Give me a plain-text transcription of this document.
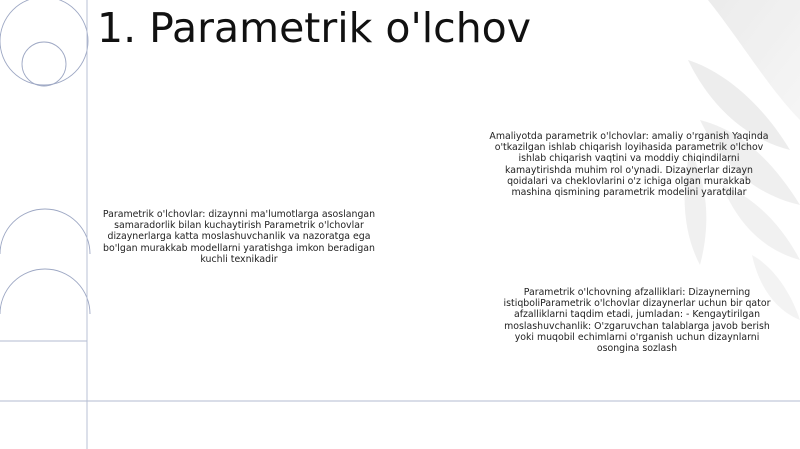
1. Parametrik o'lchov

Amaliyotda parametrik o'lchovlar: amaliy o'rganish Yaqinda o'tkazilgan ishlab chiqarish loyihasida parametrik o'lchov ishlab chiqarish vaqtini va moddiy chiqindilarni kamaytirishda muhim rol o'ynadi. Dizaynerlar dizayn qoidalari va cheklovlarini o'z ichiga olgan murakkab mashina qismining parametrik modelini yaratdilar

Parametrik o'lchovlar: dizaynni ma'lumotlarga asoslangan samaradorlik bilan kuchaytirish Parametrik o'lchovlar dizaynerlarga katta moslashuvchanlik va nazoratga ega bo'lgan murakkab modellarni yaratishga imkon beradigan kuchli texnikadir

Parametrik o'lchovning afzalliklari: Dizaynerning istiqboliParametrik o'lchovlar dizaynerlar uchun bir qator afzalliklarni taqdim etadi, jumladan: - Kengaytirilgan moslashuvchanlik: O'zgaruvchan talablarga javob berish yoki muqobil echimlarni o'rganish uchun dizaynlarni osongina sozlash
